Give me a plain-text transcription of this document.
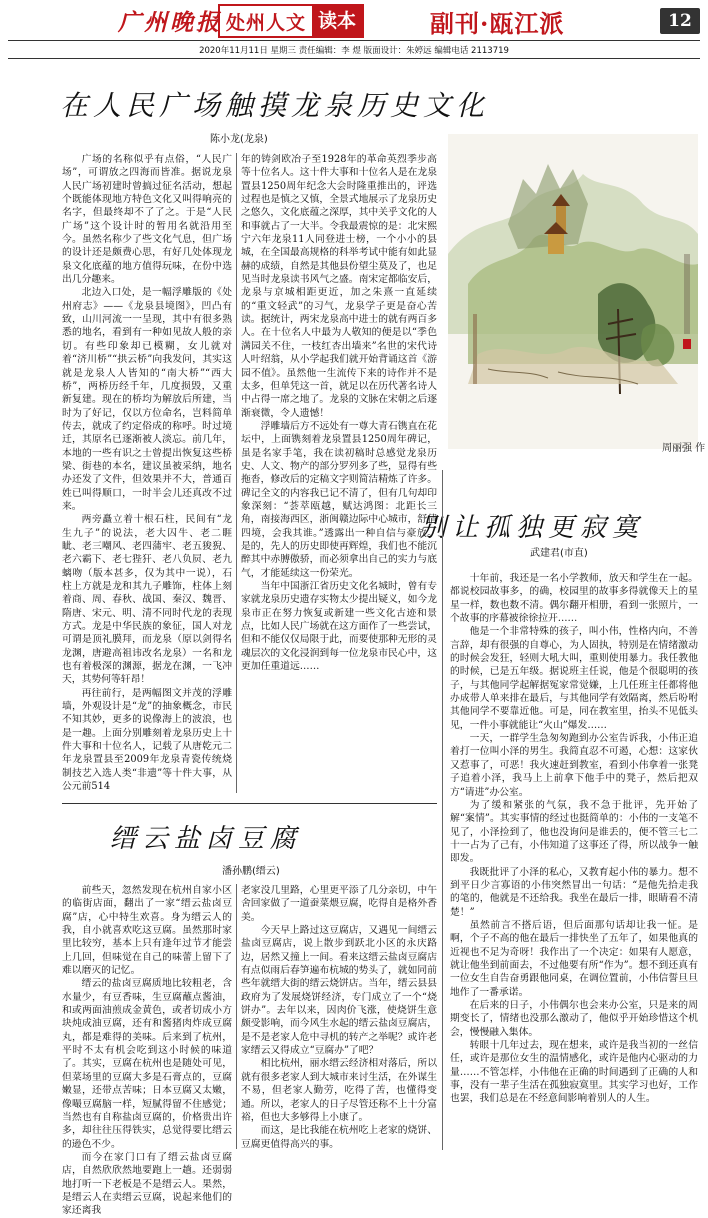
广州晚报 处州人文 读本	副刊·瓯江派	12
2020年11月11日 星期三 责任编辑：李 煜 版面设计：朱婷远 编辑电话 2113719
在人民广场触摸龙泉历史文化
陈小龙(龙泉)

广场的名称似乎有点俗，“人民广场”，可谓放之四海而皆准。据说龙泉人民广场初建时曾搞过征名活动，想起个既能体现地方特色文化又叫得响亮的名字，但最终却不了了之。于是“人民广场”这个设计时的暂用名就沿用至今。虽然名称少了些文化气息，但广场的设计还是颇费心思，有好几处体现龙泉文化底蕴的地方值得玩味，在份中选出几分趣来。

北边入口处，是一幅浮雕版的《处州府志》——《龙泉县境图》，凹凸有致，山川河流一一呈现，其中有很多熟悉的地名，看到有一种如见故人般的亲切。有些印象却已模糊，女儿就对着“济川桥”“拱云桥”向我发问，其实这就是龙泉人人皆知的“南大桥”“西大桥”，两桥历经千年，几度损毁，又重新复建。现在的桥均为解放后所建，当时为了好记，仅以方位命名，岂料简单传去，就成了约定俗成的称呼。时过境迁，其原名已逐渐被人淡忘。前几年，本地的一些有识之士曾提出恢复这些桥梁、街巷的本名，建议虽被采纳，地名办还发了文件，但效果并不大，普通百姓已叫得顺口，一时半会儿还真改不过来。

两旁矗立着十根石柱，民间有“龙生九子”的说法，老大囚牛、老二睚眦、老三嘲风、老四蒲牢、老五狻猊、老六霸下、老七狴犴、老八负屃、老九螭吻（版本甚多，仅为其中一说），石柱上方就是龙和其九子雕饰，柱体上刻着商、周、春秋、战国、秦汉、魏晋、隋唐、宋元、明、清不同时代龙的表现方式。龙是中华民族的象征，国人对龙可谓是顶礼膜拜，而龙泉（原以剑得名龙渊，唐避高祖讳改名龙泉）一名和龙也有着极深的渊源，据龙在渊，一飞冲天，其势何等轩昂！

再往前行，是两幅图文并茂的浮雕墙，外观设计是“龙”的抽象概念，市民不知其妙，更多的说像海上的波浪，也是一趣。上面分别雕刻着龙泉历史上十件大事和十位名人，记载了从唐乾元二年龙泉置县至2009年龙泉青瓷传统烧制技艺入选人类“非遗”等十件大事，从公元前514

年的铸剑欧冶子至1928年的革命英烈季步高等十位名人。这十件大事和十位名人是在龙泉置县1250周年纪念大会时隆重推出的，评选过程也是慎之又慎，全景式地展示了龙泉历史之悠久，文化底蕴之深厚，其中关乎文化的人和事就占了一大半。令我最震惊的是：北宋熙宁六年龙泉11人同登进士榜，一个小小的县城，在全国最高规格的科举考试中能有如此显赫的成绩，自然是其他县份望尘莫及了，也足见当时龙泉读书风气之盛。南宋定都临安后，龙泉与京城相距更近，加之朱熹一直延续的“重文轻武”的习气，龙泉学子更是奋心苦读。据统计，两宋龙泉高中进士的就有两百多人。在十位名人中最为人敬知的便是以“季色满园关不住，一枝红杏出墙来”名世的宋代诗人叶绍翁，从小学起我们就开始背诵这首《游园不值》。虽然他一生流传下来的诗作并不是太多，但单凭这一首，就足以在历代著名诗人中占得一席之地了。龙泉的文脉在宋朝之后逐渐衰微，令人遗憾！

浮雕墙后方不远处有一尊大青石镌直在花坛中，上面镌刻着龙泉置县1250周年碑记，虽是名家手笔，我在读初稿时总感觉龙泉历史、人文、物产的部分罗列多了些，显得有些拖沓，修改后的定稿文字则简洁精炼了许多。碑记全文的内容我已记不清了，但有几句却印象深刻：“荟萃瓯越，赋达鸿图：北距长三角，南接海西区，浙闽赣边际中心城市，舒倩四境，会我其谁。”透露出一种自信与豪放。是的，先人的历史即使再辉煌，我们也不能沉醉其中赤膊傲骄，而必须拿出自己的实力与底气，才能延续这一份荣光。

当年中国浙江省历史文化名城时，曾有专家就龙泉历史遗存实物太少提出疑义，如今龙泉市正在努力恢复或新建一些文化古迹和景点，比如人民广场就在这方面作了一些尝试，但和不能仅仅局限于此，而要使那种无形的灵魂层次的文化浸润到每一位龙泉市民心中，这更加任重道远……

周丽强 作
别让孤独更寂寞
武建君(市直)

十年前，我还是一名小学教师，放天和学生在一起。都说校园故事多，的确，校园里的故事多得就像天上的星星一样，数也数不清。偶尔翻开相册，看到一张照片，一个故事的序幕被徐徐拉开……

他是一个非常特殊的孩子，叫小伟，性格内向，不善言辞，却有很强的自尊心，为人固执，特别是在情绪激动的时候会发狂，轻则大吼大叫，重则使用暴力。我任教他的时候，已是五年级。据说班主任说，他是个很聪明的孩子，与其他同学起解据冤家常觉嫌，上几任班主任都将他办成带人单来排在最后，与其他同学有效隔离，然后吩咐其他同学不要靠近他。可是，同在教室里，抬头不见低头见，一件小事就能让“火山”爆发……

一天，一群学生急匆匆跑到办公室告诉我，小伟正追着打一位叫小泽的男生。我简直忍不可遏，心想：这家伙又惹事了，可恶！我火速赶到教室，看到小伟拿着一张凳子追着小泽，我马上上前拿下他手中的凳子，然后把双方“请进”办公室。

为了缓和紧张的气氛，我不急于批评，先开始了解“案情”。其实事情的经过也挺简单的：小伟的一支笔不见了，小泽捡到了，他也没询问是谁丢的，便不管三七二十一占为了己有，小伟知道了这事还了得，所以战争一触即发。

我既批评了小泽的私心，又教育起小伟的暴力。想不到平日少言寡语的小伟突然冒出一句话：“是他先拾走我的笔的，他就是不还给我。我坐在最后一排，眼睛看不清楚！”

虽然前言不搭后语，但后面那句话却让我一怔。是啊，个子不高的他在最后一排快坐了五年了，如果他真的近视也不足为奇呀！我作出了一个决定：如果有人愿意，就让他坐到前面去，不过他要有所“作为”。想不到还真有一位女生自告奋勇跟他同桌，在调位置前，小伟信誓旦旦地作了一番承诺。

在后来的日子，小伟偶尔也会来办公室，只是来的周期变长了，情绪也没那么激动了，他似乎开始珍惜这个机会，慢慢融入集体。

转眼十几年过去，现在想来，或许是我当初的一丝信任，或许是那位女生的温情感化，或许是他内心驱动的力量……不管怎样，小伟他在正确的时间遇到了正确的人和事，没有一辈子生活在孤独寂寞里。其实学习也好，工作也罢，我们总是在不经意间影响着别人的人生。

缙云盐卤豆腐
潘孙鹏(缙云)

前些天，忽然发现在杭州自家小区的临街店面，翻出了一家“缙云盐卤豆腐”店，心中特生欢喜。身为缙云人的我，自小就喜欢吃这豆腐。虽然那时家里比较穷，基本上只有逢年过节才能尝上几回，但味觉在自己的味蕾上留下了难以磨灭的记忆。

缙云的盐卤豆腐质地比较粗老，含水量少，有豆香味，生豆腐蘸点酱油，和或两面油煎成金黄色，或者切成小方块炖成油豆腐，还有和酱猪肉炸成豆腐丸，都是难得的美味。后来到了杭州，平时不太有机会吃到这小时候的味道了。其实，豆腐在杭州也是随处可见，但菜场里的豆腐大多是石膏点的，豆腐嫩显，还带点苦味；日本豆腐又太嫩，像嘬豆腐脑一样，短腻得留不住感觉；当然也有自称盐卤豆腐的，价格贵出许多，却往往压得铁实，总觉得要比缙云的逊色不少。

而今在家门口有了缙云盐卤豆腐店，自然欣欣然地要跑上一趟。还弱弱地打听一下老板是不是缙云人。果然，是缙云人在卖缙云豆腐，说起来他们的家还离我

老家没几里路，心里更平添了几分亲切，中午舍回家做了一道蚕菜煨豆腐，吃得自是格外香美。

今天早上路过这豆腐店，又遇见一间缙云盐卤豆腐店，说上散步到跃北小区的永庆路边，居然又撞上一间。看来这缙云盐卤豆腐店有点似雨后春笋遍布杭城的势头了，就如同前些年就缙大街的缙云烧饼店。当年，缙云县县政府为了发展烧饼经济，专门成立了一个“烧饼办”。去年以来，因肉价飞涨，使烧饼生意颇受影响，而今风生水起的缙云盐卤豆腐店，是不是老家人危中寻机的转产之举呢？或许老家缙云又得成立“豆腐办”了吧？

相比杭州，丽水缙云经济相对落后，所以就有很多老家人到大城市来讨生活，在外谋生不易，但老家人勤劳，吃得了苦，也懂得变通。所以，老家人的日子尽管还称不上十分富裕，但也大多够得上小康了。

而这，是比我能在杭州吃上老家的烧饼、豆腐更值得高兴的事。
